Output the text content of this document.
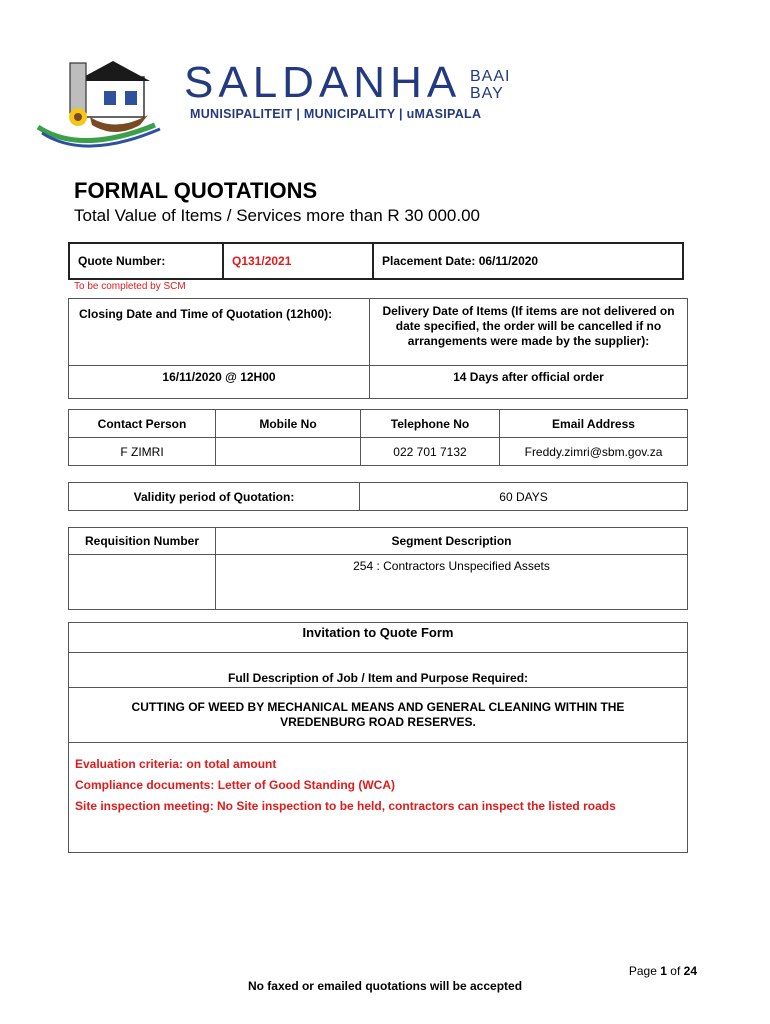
SALDANHA BAAI
BAY
MUNISIPALITEIT | MUNICIPALITY | uMASIPALA
FORMAL QUOTATIONS
Total Value of Items / Services more than R 30 000.00
Quote Number:	Q131/2021	Placement Date: 06/11/2020
To be completed by SCM
Closing Date and Time of Quotation (12h00):	Delivery Date of Items (If items are not delivered on date specified, the order will be cancelled if no arrangements were made by the supplier):
16/11/2020 @ 12H00	14 Days after official order
Contact Person	Mobile No	Telephone No	Email Address
F ZIMRI		022 701 7132	Freddy.zimri@sbm.gov.za
Validity period of Quotation:	60 DAYS
Requisition Number	Segment Description
	254 : Contractors Unspecified Assets
Invitation to Quote Form
Full Description of Job / Item and Purpose Required:
CUTTING OF WEED BY MECHANICAL MEANS AND GENERAL CLEANING WITHIN THE VREDENBURG ROAD RESERVES.

Evaluation criteria: on total amount
Compliance documents: Letter of Good Standing (WCA)
Site inspection meeting: No Site inspection to be held, contractors can inspect the listed roads
Page 1 of 24
No faxed or emailed quotations will be accepted
